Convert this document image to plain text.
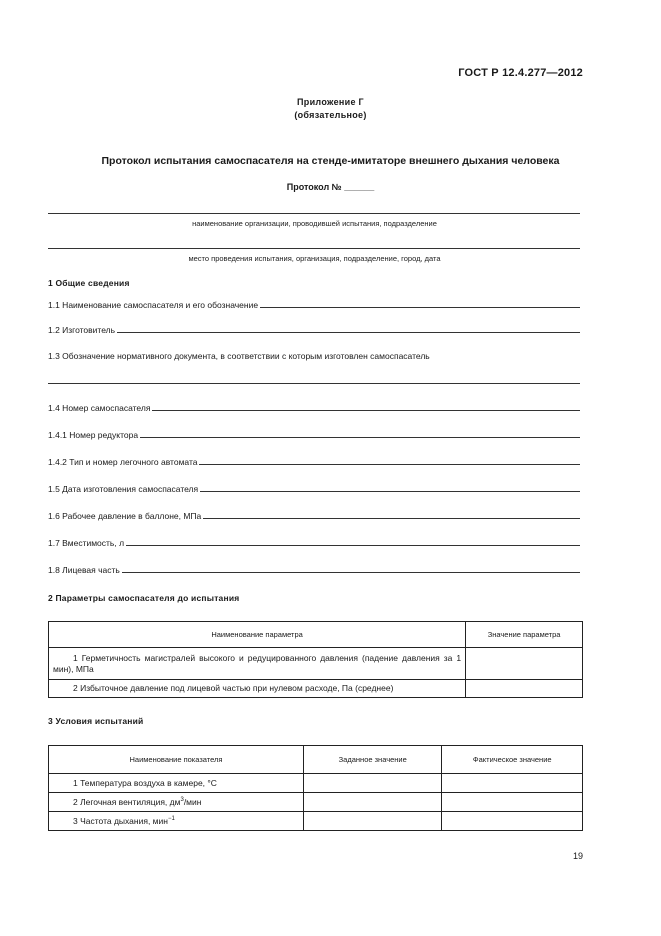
ГОСТ Р 12.4.277—2012
Приложение Г
(обязательное)
Протокол испытания самоспасателя на стенде-имитаторе внешнего дыхания человека
Протокол № ______
наименование организации, проводившей испытания, подразделение
место проведения испытания, организация, подразделение, город, дата
1 Общие сведения
1.1 Наименование самоспасателя и его обозначение
1.2 Изготовитель
1.3 Обозначение нормативного документа, в соответствии с которым изготовлен самоспасатель
1.4 Номер самоспасателя
1.4.1 Номер редуктора
1.4.2 Тип и номер легочного автомата
1.5 Дата изготовления самоспасателя
1.6 Рабочее давление в баллоне, МПа
1.7 Вместимость, л
1.8 Лицевая часть
2 Параметры самоспасателя до испытания
Наименование параметра	Значение параметра

1 Герметичность магистралей высокого и редуцированного давления (падение давления за 1 мин), МПа	

2 Избыточное давление под лицевой частью при нулевом расходе, Па (среднее)	

3 Условия испытаний
Наименование показателя	Заданное значение	Фактическое значение
1 Температура воздуха в камере, °С		
2 Легочная вентиляция, $дм^3$/мин		
3 Частота дыхания, мин$^{-1}$		
19
